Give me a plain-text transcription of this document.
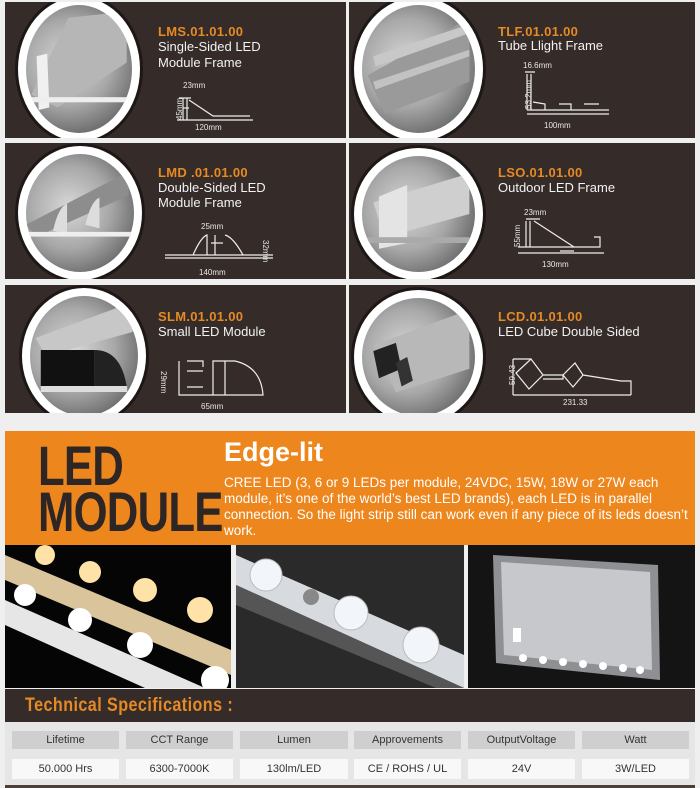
LMS.01.01.00
Single-Sided LED
Module Frame
23mm
45mm
120mm
TLF.01.01.00
Tube Llight Frame
16.6mm
53.2mm
100mm
LMD .01.01.00
Double-Sided LED
Module Frame
25mm
32mm
140mm
LSO.01.01.00
Outdoor LED Frame
23mm
55mm
130mm
SLM.01.01.00
Small LED Module
29mm
65mm
LCD.01.01.00
LED Cube Double Sided
59.43
231.33
LED
MODULE
Edge-lit
CREE LED (3, 6 or 9 LEDs per module, 24VDC, 15W, 18W or 27W each module, it’s one of the world’s best LED brands), each LED is in parallel connection. So the light strip still can work even if any piece of its leds doesn’t work.
Technical Specifications :
Lifetime	CCT Range	Lumen	Approvements	OutputVoltage	Watt
50.000 Hrs	6300-7000K	130lm/LED	CE / ROHS / UL	24V	3W/LED
